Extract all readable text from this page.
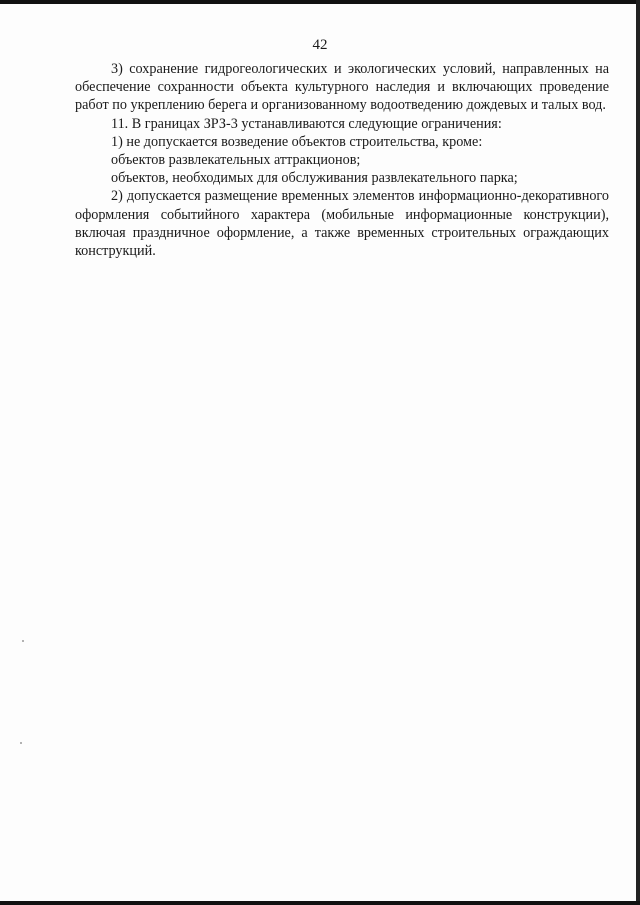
42

3) сохранение гидрогеологических и экологических условий, направленных на обеспечение сохранности объекта культурного наследия и включающих проведение работ по укреплению берега и организованному водоотведению дождевых и талых вод.

11. В границах ЗРЗ-3 устанавливаются следующие ограничения:

1) не допускается возведение объектов строительства, кроме:

объектов развлекательных аттракционов;

объектов, необходимых для обслуживания развлекательного парка;

2) допускается размещение временных элементов информационно-декоративного оформления событийного характера (мобильные информационные конструкции), включая праздничное оформление, а также временных строительных ограждающих конструкций.
